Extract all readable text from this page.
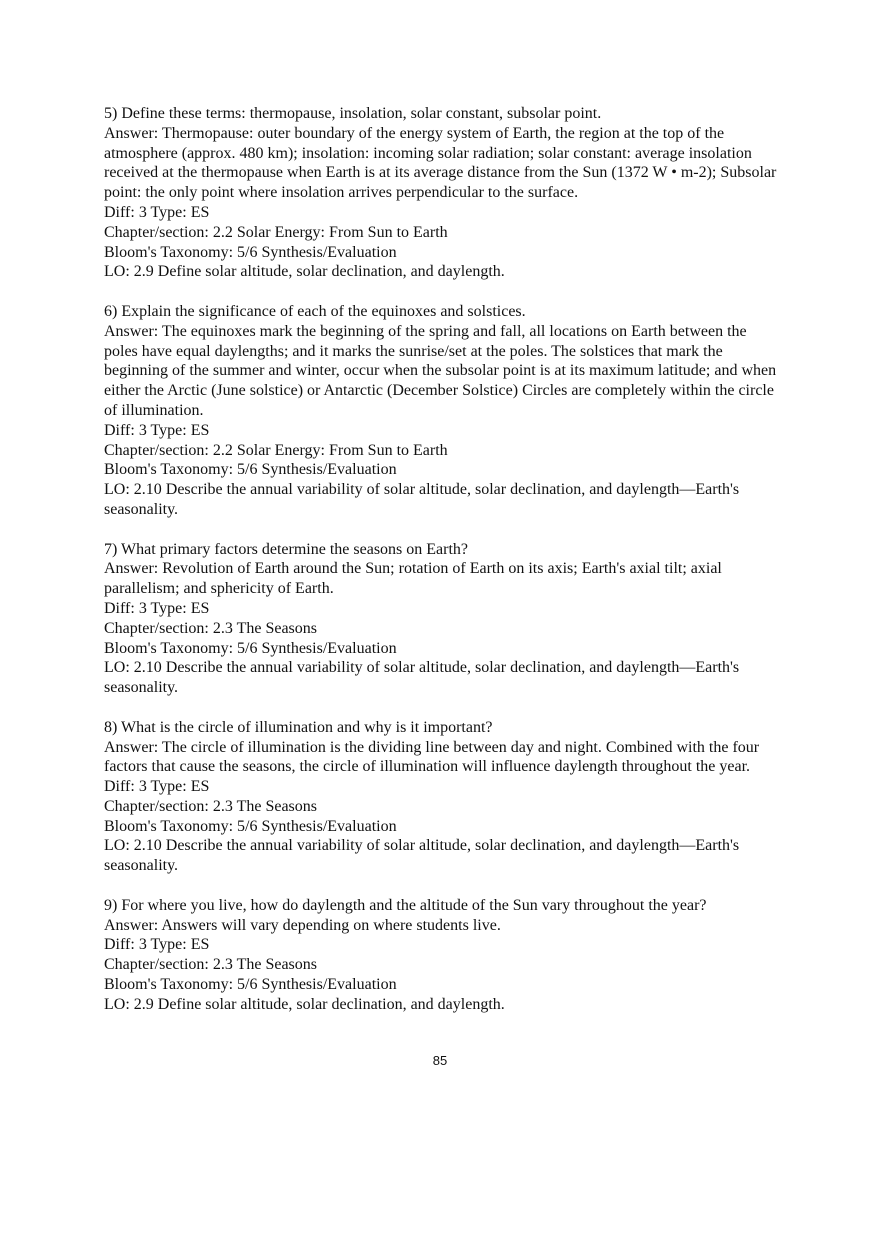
5) Define these terms: thermopause, insolation, solar constant, subsolar point.
Answer: Thermopause: outer boundary of the energy system of Earth, the region at the top of the atmosphere (approx. 480 km); insolation: incoming solar radiation; solar constant: average insolation received at the thermopause when Earth is at its average distance from the Sun (1372 W • m-2); Subsolar point: the only point where insolation arrives perpendicular to the surface.
Diff: 3 Type: ES
Chapter/section: 2.2 Solar Energy: From Sun to Earth
Bloom's Taxonomy: 5/6 Synthesis/Evaluation
LO: 2.9 Define solar altitude, solar declination, and daylength.
6) Explain the significance of each of the equinoxes and solstices.
Answer: The equinoxes mark the beginning of the spring and fall, all locations on Earth between the poles have equal daylengths; and it marks the sunrise/set at the poles. The solstices that mark the beginning of the summer and winter, occur when the subsolar point is at its maximum latitude; and when either the Arctic (June solstice) or Antarctic (December Solstice) Circles are completely within the circle of illumination.
Diff: 3 Type: ES
Chapter/section: 2.2 Solar Energy: From Sun to Earth
Bloom's Taxonomy: 5/6 Synthesis/Evaluation
LO: 2.10 Describe the annual variability of solar altitude, solar declination, and daylength—Earth's seasonality.
7) What primary factors determine the seasons on Earth?
Answer: Revolution of Earth around the Sun; rotation of Earth on its axis; Earth's axial tilt; axial parallelism; and sphericity of Earth.
Diff: 3 Type: ES
Chapter/section: 2.3 The Seasons
Bloom's Taxonomy: 5/6 Synthesis/Evaluation
LO: 2.10 Describe the annual variability of solar altitude, solar declination, and daylength—Earth's seasonality.
8) What is the circle of illumination and why is it important?
Answer: The circle of illumination is the dividing line between day and night. Combined with the four factors that cause the seasons, the circle of illumination will influence daylength throughout the year.
Diff: 3 Type: ES
Chapter/section: 2.3 The Seasons
Bloom's Taxonomy: 5/6 Synthesis/Evaluation
LO: 2.10 Describe the annual variability of solar altitude, solar declination, and daylength—Earth's seasonality.
9) For where you live, how do daylength and the altitude of the Sun vary throughout the year?
Answer: Answers will vary depending on where students live.
Diff: 3 Type: ES
Chapter/section: 2.3 The Seasons
Bloom's Taxonomy: 5/6 Synthesis/Evaluation
LO: 2.9 Define solar altitude, solar declination, and daylength.
85
